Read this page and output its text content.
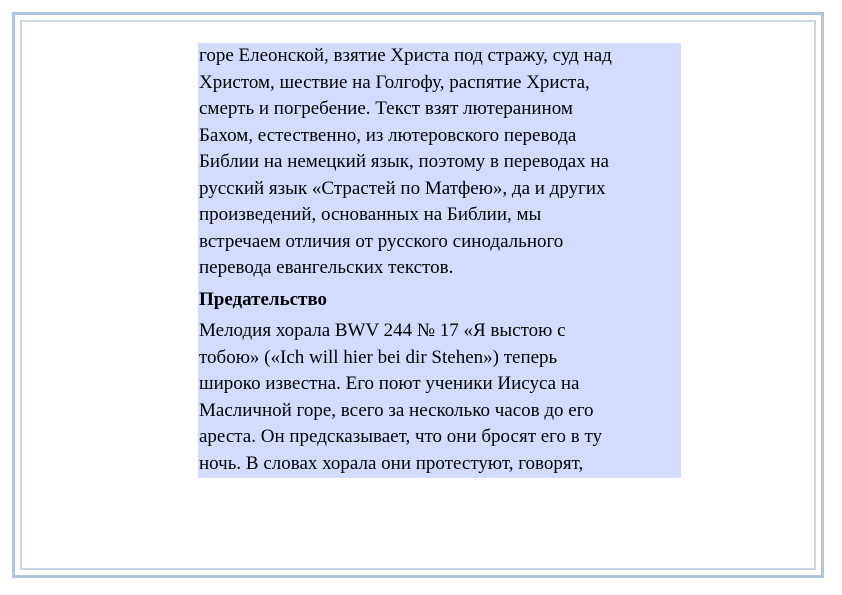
горе Елеонской, взятие Христа под стражу, суд над
Христом, шествие на Голгофу, распятие Христа,
смерть и погребение. Текст взят лютеранином
Бахом, естественно, из лютеровского перевода
Библии на немецкий язык, поэтому в переводах на
русский язык «Страстей по Матфею», да и других
произведений, основанных на Библии, мы
встречаем отличия от русского синодального
перевода евангельских текстов.
Предательство
Мелодия хорала BWV 244 № 17 «Я выстою с
тобою» («Ich will hier bei dir Stehen») теперь
широко известна. Его поют ученики Иисуса на
Масличной горе, всего за несколько часов до его
ареста. Он предсказывает, что они бросят его в ту
ночь. В словах хорала они протестуют, говорят,
